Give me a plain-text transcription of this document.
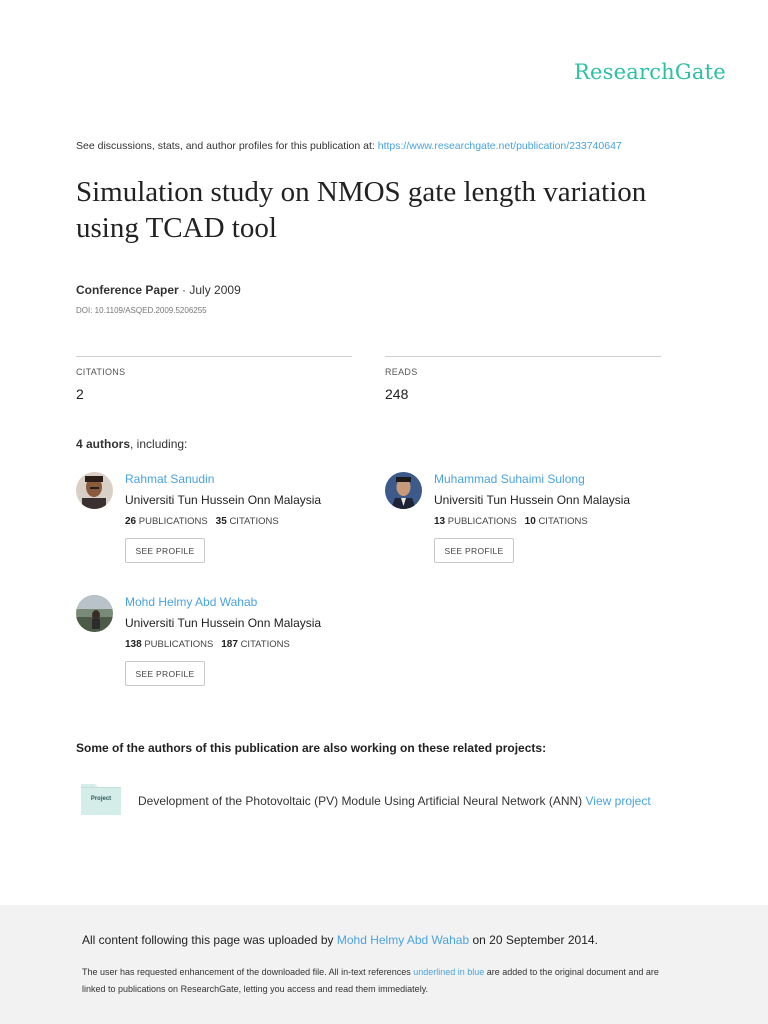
ResearchGate
See discussions, stats, and author profiles for this publication at: https://www.researchgate.net/publication/233740647
Simulation study on NMOS gate length variation using TCAD tool
Conference Paper · July 2009
DOI: 10.1109/ASQED.2009.5206255
CITATIONS
2
READS
248
4 authors, including:
Rahmat Sanudin
Universiti Tun Hussein Onn Malaysia
26 PUBLICATIONS 35 CITATIONS
SEE PROFILE
Muhammad Suhaimi Sulong
Universiti Tun Hussein Onn Malaysia
13 PUBLICATIONS 10 CITATIONS
SEE PROFILE
Mohd Helmy Abd Wahab
Universiti Tun Hussein Onn Malaysia
138 PUBLICATIONS 187 CITATIONS
SEE PROFILE
Some of the authors of this publication are also working on these related projects:
Project	Development of the Photovoltaic (PV) Module Using Artificial Neural Network (ANN) View project
All content following this page was uploaded by Mohd Helmy Abd Wahab on 20 September 2014.
The user has requested enhancement of the downloaded file. All in-text references underlined in blue are added to the original document and are linked to publications on ResearchGate, letting you access and read them immediately.
